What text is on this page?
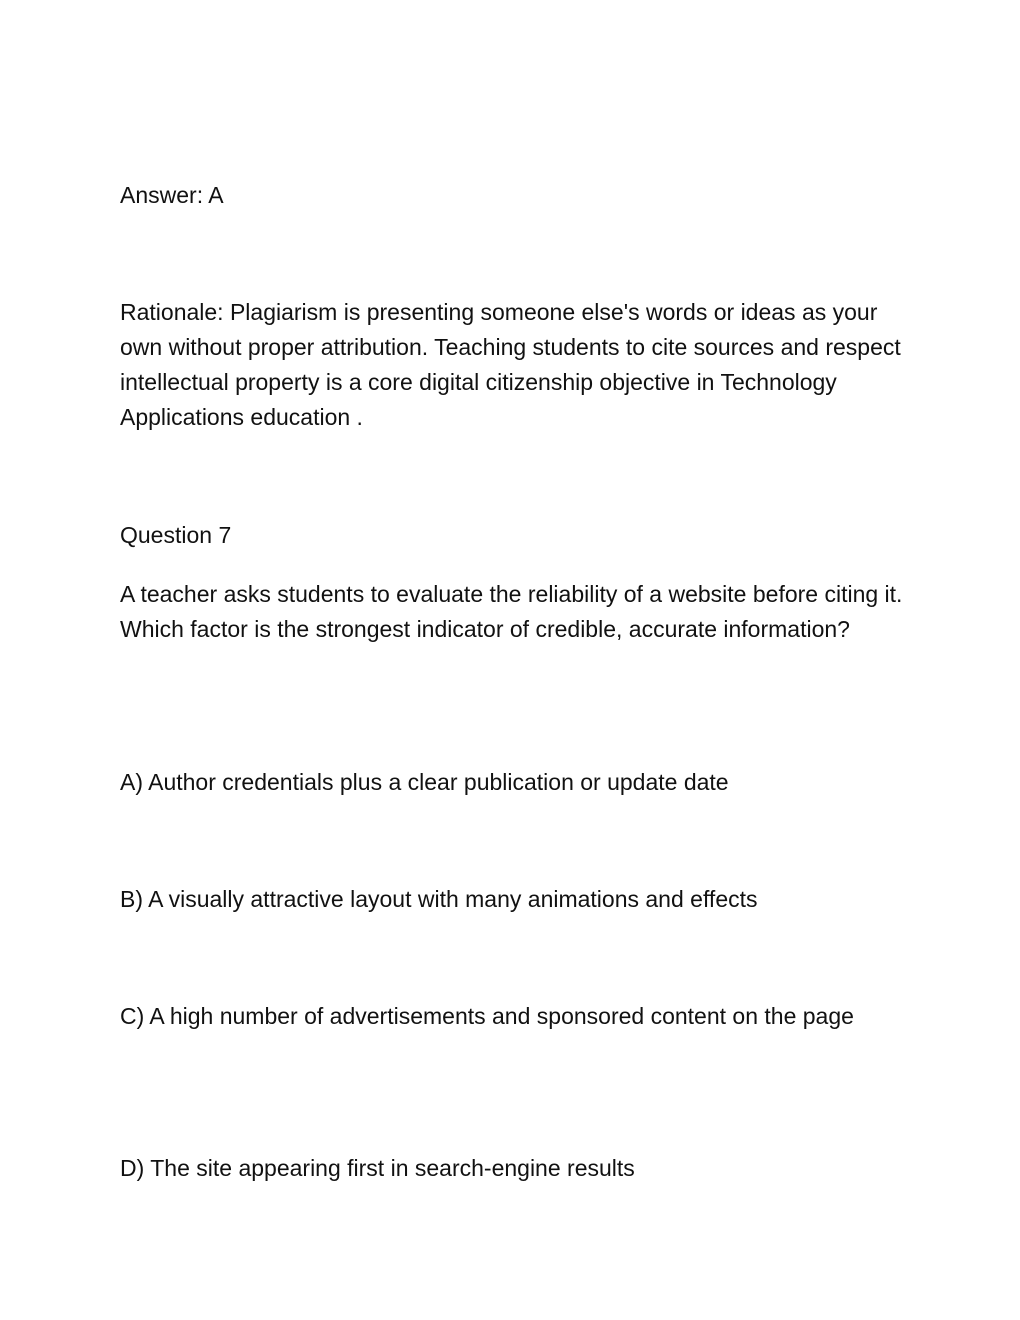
Answer: A

Rationale: Plagiarism is presenting someone else's words or ideas as your own without proper attribution. Teaching students to cite sources and respect intellectual property is a core digital citizenship objective in Technology Applications education .

Question 7

A teacher asks students to evaluate the reliability of a website before citing it. Which factor is the strongest indicator of credible, accurate information?

A) Author credentials plus a clear publication or update date

B) A visually attractive layout with many animations and effects

C) A high number of advertisements and sponsored content on the page

D) The site appearing first in search-engine results
